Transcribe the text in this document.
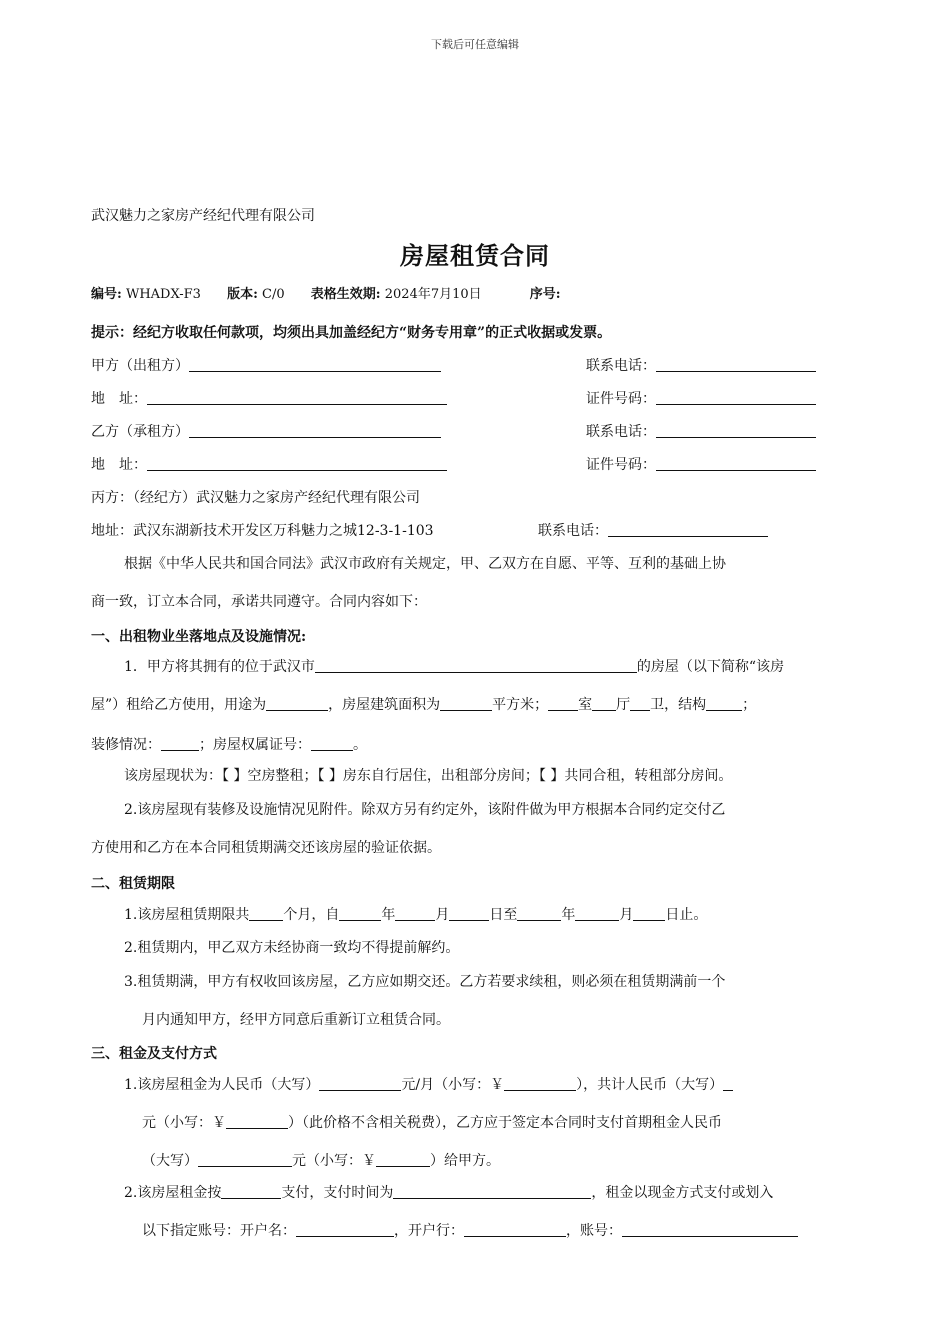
下载后可任意编辑
武汉魅力之家房产经纪代理有限公司
房屋租赁合同
编号: WHADX-F3 版本: C/0 表格生效期: 2024年7月10日	序号:
提示：经纪方收取任何款项，均须出具加盖经纪方“财务专用章”的正式收据或发票。
甲方（出租方）	联系电话：
地　址：	证件号码：
乙方（承租方）	联系电话：
地　址：	证件号码：
丙方：（经纪方）武汉魅力之家房产经纪代理有限公司
地址：武汉东湖新技术开发区万科魅力之城12-3-1-103	联系电话：
根据《中华人民共和国合同法》武汉市政府有关规定，甲、乙双方在自愿、平等、互利的基础上协
商一致，订立本合同，承诺共同遵守。合同内容如下：
一、出租物业坐落地点及设施情况:
1．甲方将其拥有的位于武汉市	的房屋（以下简称“该房
屋”）租给乙方使用，用途为	，房屋建筑面积为	平方米； 室 厅 卫，结构	；
装修情况：	；房屋权属证号：	。
该房屋现状为：【 】空房整租；【 】房东自行居住，出租部分房间；【 】共同合租，转租部分房间。
2.该房屋现有装修及设施情况见附件。除双方另有约定外，该附件做为甲方根据本合同约定交付乙
方使用和乙方在本合同租赁期满交还该房屋的验证依据。
二、租赁期限
1.该房屋租赁期限共 个月，自	年	月	日至	年	月 日止。
2.租赁期内，甲乙双方未经协商一致均不得提前解约。
3.租赁期满，甲方有权收回该房屋，乙方应如期交还。乙方若要求续租，则必须在租赁期满前一个
月内通知甲方，经甲方同意后重新订立租赁合同。
三、租金及支付方式
1.该房屋租金为人民币（大写）	元/月（小写：￥	），共计人民币（大写）
元（小写：￥	）（此价格不含相关税费），乙方应于签定本合同时支付首期租金人民币
（大写）	元（小写：￥	）给甲方。
2.该房屋租金按	支付，支付时间为	，租金以现金方式支付或划入
以下指定账号：开户名：	，开户行：	，账号：
